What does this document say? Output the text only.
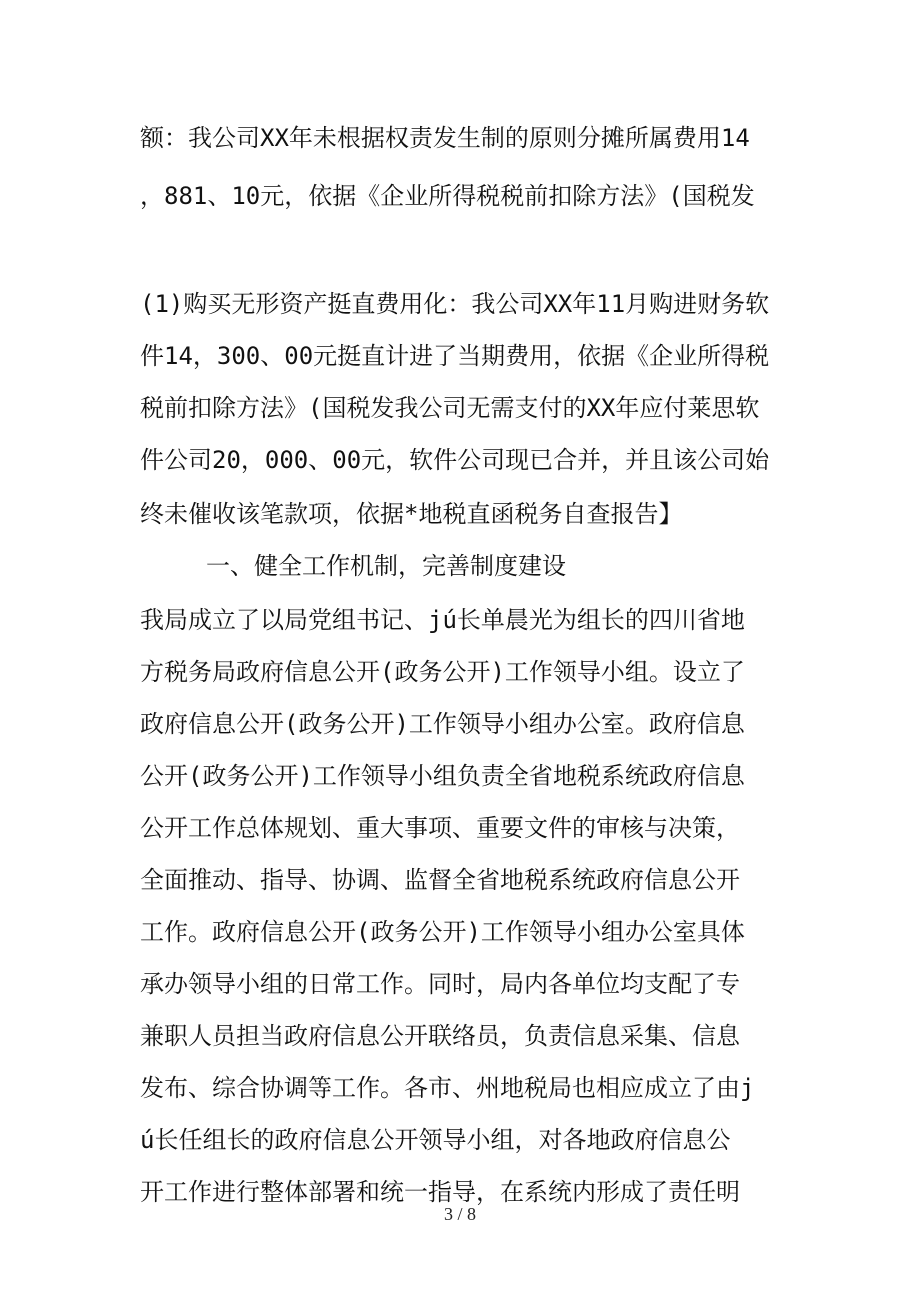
额：我公司XX年未根据权责发生制的原则分摊所属费用14
，881、10元，依据《企业所得税税前扣除方法》(国税发
(1)购买无形资产挺直费用化：我公司XX年11月购进财务软
件14，300、00元挺直计进了当期费用，依据《企业所得税
税前扣除方法》(国税发我公司无需支付的XX年应付莱思软
件公司20，000、00元，软件公司现已合并，并且该公司始
终未催收该笔款项，依据*地税直函税务自查报告】
一、健全工作机制，完善制度建设
我局成立了以局党组书记、jú长单晨光为组长的四川省地
方税务局政府信息公开(政务公开)工作领导小组。设立了
政府信息公开(政务公开)工作领导小组办公室。政府信息
公开(政务公开)工作领导小组负责全省地税系统政府信息
公开工作总体规划、重大事项、重要文件的审核与决策，
全面推动、指导、协调、监督全省地税系统政府信息公开
工作。政府信息公开(政务公开)工作领导小组办公室具体
承办领导小组的日常工作。同时，局内各单位均支配了专
兼职人员担当政府信息公开联络员，负责信息采集、信息
发布、综合协调等工作。各市、州地税局也相应成立了由j
ú长任组长的政府信息公开领导小组，对各地政府信息公
开工作进行整体部署和统一指导，在系统内形成了责任明
3 / 8
